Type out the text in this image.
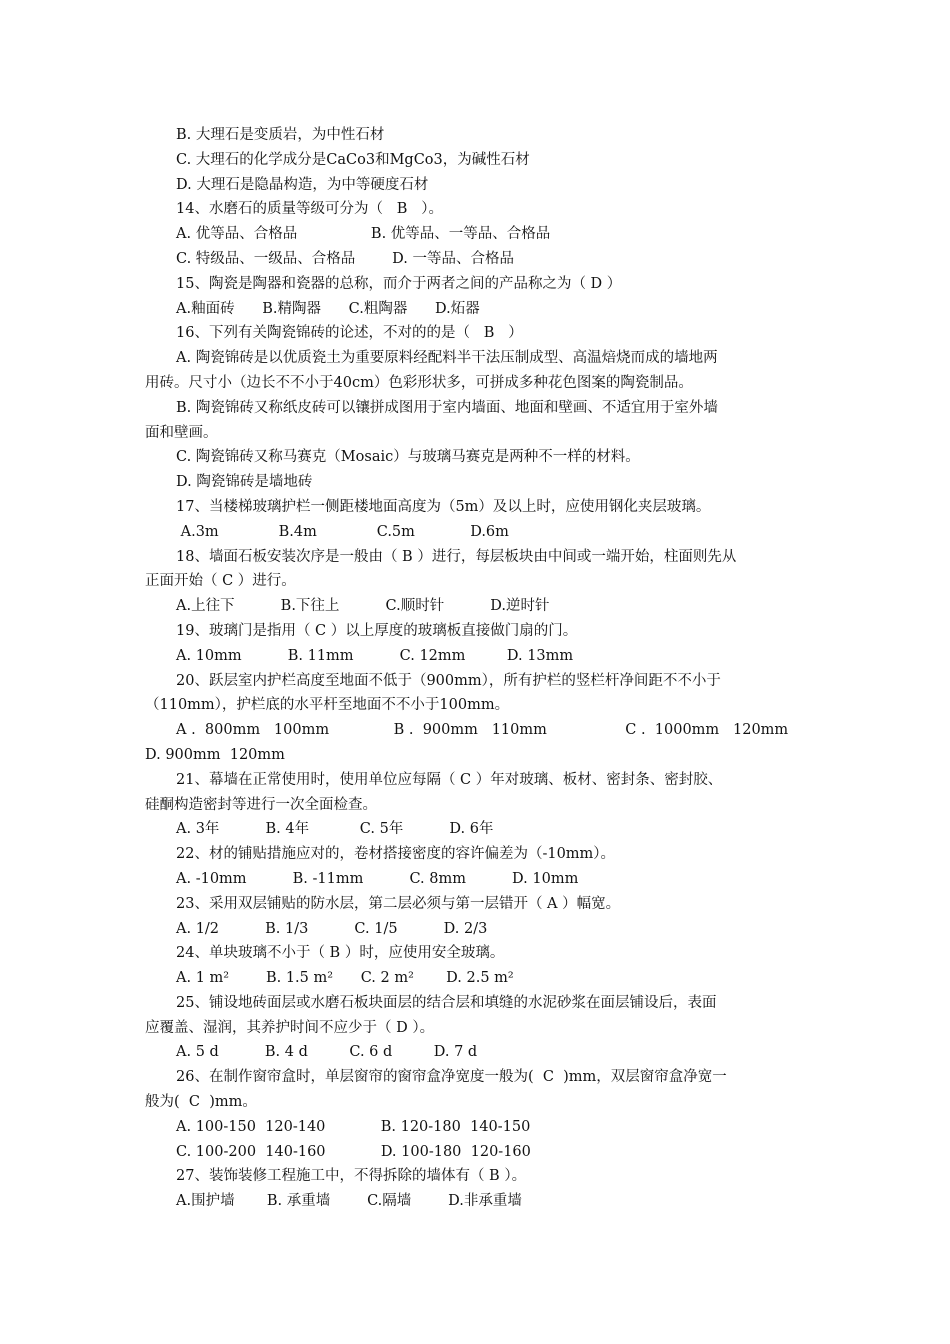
B. 大理石是变质岩，为中性石材
C. 大理石的化学成分是CaCo3和MgCo3，为碱性石材
D. 大理石是隐晶构造，为中等硬度石材
14、水磨石的质量等级可分为（   B   ）。
A. 优等品、合格品                B. 优等品、一等品、合格品
C. 特级品、一级品、合格品        D. 一等品、合格品
15、陶瓷是陶器和瓷器的总称，而介于两者之间的产品称之为（ D ）
A.釉面砖      B.精陶器      C.粗陶器      D.炻器
16、下列有关陶瓷锦砖的论述，不对的的是（   B   ）
A. 陶瓷锦砖是以优质瓷土为重要原料经配料半干法压制成型、高温焙烧而成的墙地两
用砖。尺寸小（边长不不小于40cm）色彩形状多，可拼成多种花色图案的陶瓷制品。
B. 陶瓷锦砖又称纸皮砖可以镶拼成图用于室内墙面、地面和壁画、不适宜用于室外墙
面和壁画。
C. 陶瓷锦砖又称马赛克（Mosaic）与玻璃马赛克是两种不一样的材料。
D. 陶瓷锦砖是墙地砖
17、当楼梯玻璃护栏一侧距楼地面高度为（5m）及以上时，应使用钢化夹层玻璃。
A.3m             B.4m             C.5m            D.6m
18、墙面石板安装次序是一般由（ B ）进行，每层板块由中间或一端开始，柱面则先从
正面开始（ C ）进行。
A.上往下          B.下往上          C.顺时针          D.逆时针
19、玻璃门是指用（ C ）以上厚度的玻璃板直接做门扇的门。
A. 10mm          B. 11mm          C. 12mm         D. 13mm
20、跃层室内护栏高度至地面不低于（900mm），所有护栏的竖栏杆净间距不不小于
（110mm），护栏底的水平杆至地面不不小于100mm。
A .  800mm   100mm              B .  900mm   110mm                 C .  1000mm   120mm
D. 900mm  120mm
21、幕墙在正常使用时，使用单位应每隔（ C ）年对玻璃、板材、密封条、密封胶、
硅酮构造密封等进行一次全面检查。
A. 3年          B. 4年           C. 5年          D. 6年
22、材的铺贴措施应对的，卷材搭接密度的容许偏差为（-10mm）。
A. -10mm          B. -11mm          C. 8mm          D. 10mm
23、采用双层铺贴的防水层，第二层必须与第一层错开（ A ）幅宽。
A. 1/2          B. 1/3          C. 1/5          D. 2/3
24、单块玻璃不小于（ B ）时，应使用安全玻璃。
A. 1 m²        B. 1.5 m²      C. 2 m²       D. 2.5 m²
25、铺设地砖面层或水磨石板块面层的结合层和填缝的水泥砂浆在面层铺设后，表面
应覆盖、湿润，其养护时间不应少于（ D ）。
A. 5 d          B. 4 d         C. 6 d         D. 7 d
26、在制作窗帘盒时，单层窗帘的窗帘盒净宽度一般为(  C  )mm，双层窗帘盒净宽一
般为(  C  )mm。
A. 100-150  120-140            B. 120-180  140-150
C. 100-200  140-160            D. 100-180  120-160
27、装饰装修工程施工中，不得拆除的墙体有（ B ）。
A.围护墙       B. 承重墙        C.隔墙        D.非承重墙
